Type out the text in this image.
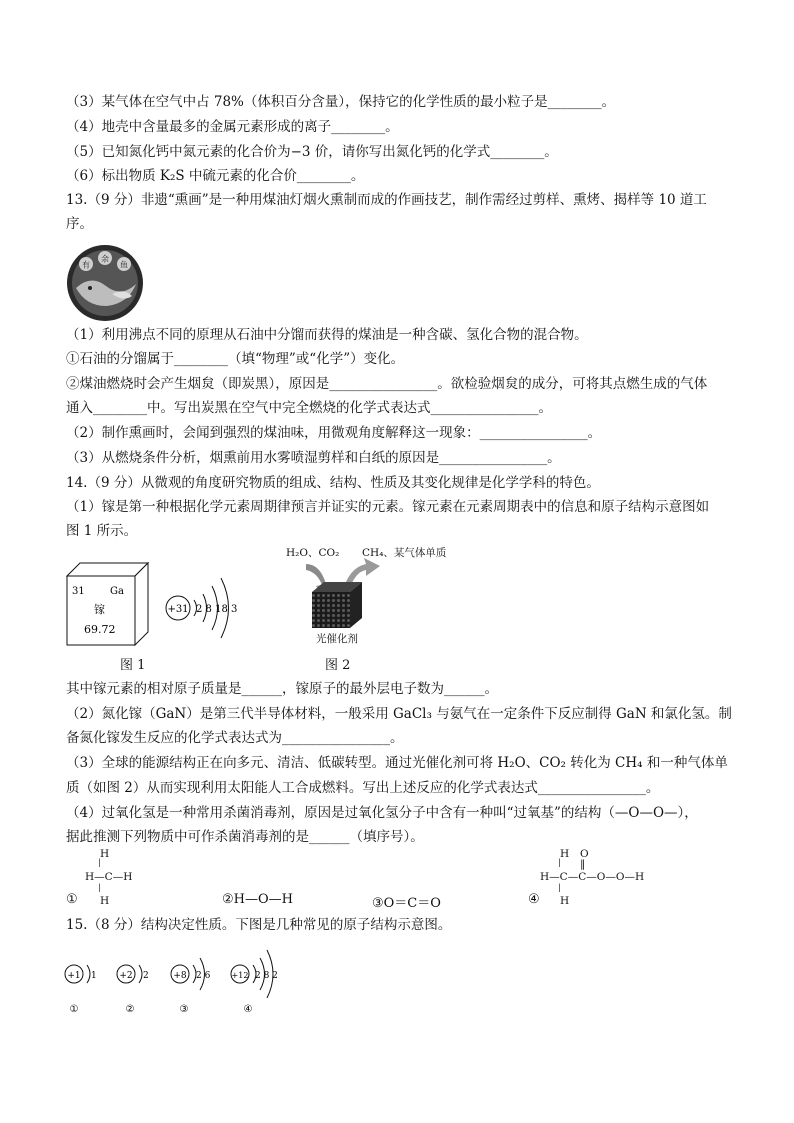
（3）某气体在空气中占 78%（体积百分含量），保持它的化学性质的最小粒子是________。
（4）地壳中含量最多的金属元素形成的离子________。
（5）已知氮化钙中氮元素的化合价为−3 价，请你写出氮化钙的化学式________。
（6）标出物质 K₂S 中硫元素的化合价________。
13.（9 分）非遗“熏画”是一种用煤油灯烟火熏制而成的作画技艺，制作需经过剪样、熏烤、揭样等 10 道工
序。
有
余
鱼
（1）利用沸点不同的原理从石油中分馏而获得的煤油是一种含碳、氢化合物的混合物。
①石油的分馏属于________（填“物理”或“化学”）变化。
②煤油燃烧时会产生烟炱（即炭黑），原因是________________。欲检验烟炱的成分，可将其点燃生成的气体
通入________中。写出炭黑在空气中完全燃烧的化学式表达式________________。
（2）制作熏画时，会闻到强烈的煤油味，用微观角度解释这一现象：________________。
（3）从燃烧条件分析，烟熏前用水雾喷湿剪样和白纸的原因是________________。
14.（9 分）从微观的角度研究物质的组成、结构、性质及其变化规律是化学学科的特色。
（1）镓是第一种根据化学元素周期律预言并证实的元素。镓元素在元素周期表中的信息和原子结构示意图如
图 1 所示。
31	Ga
镓
69.72
+31 2 8 18 3
图 1
H₂O、CO₂ CH₄、某气体单质
光催化剂
图 2
其中镓元素的相对原子质量是______，镓原子的最外层电子数为______。
（2）氮化镓（GaN）是第三代半导体材料，一般采用 GaCl₃ 与氨气在一定条件下反应制得 GaN 和氯化氢。制
备氮化镓发生反应的化学式表达式为________________。
（3）全球的能源结构正在向多元、清洁、低碳转型。通过光催化剂可将 H₂O、CO₂ 转化为 CH₄ 和一种气体单
质（如图 2）从而实现利用太阳能人工合成燃料。写出上述反应的化学式表达式________________。
（4）过氧化氢是一种常用杀菌消毒剂，原因是过氧化氢分子中含有一种叫“过氧基”的结构（—O—O—），
据此推测下列物质中可作杀菌消毒剂的是______（填序号）。
H
|
H—C—H
|
H
①	②H—O—H	③O＝C＝O	④
H O
| ‖
H—C—C—O—O—H
|
H
15.（8 分）结构决定性质。下图是几种常见的原子结构示意图。
+1 1	+2 2	+8 2 6	+12 2 8 2
①	②	③	④
